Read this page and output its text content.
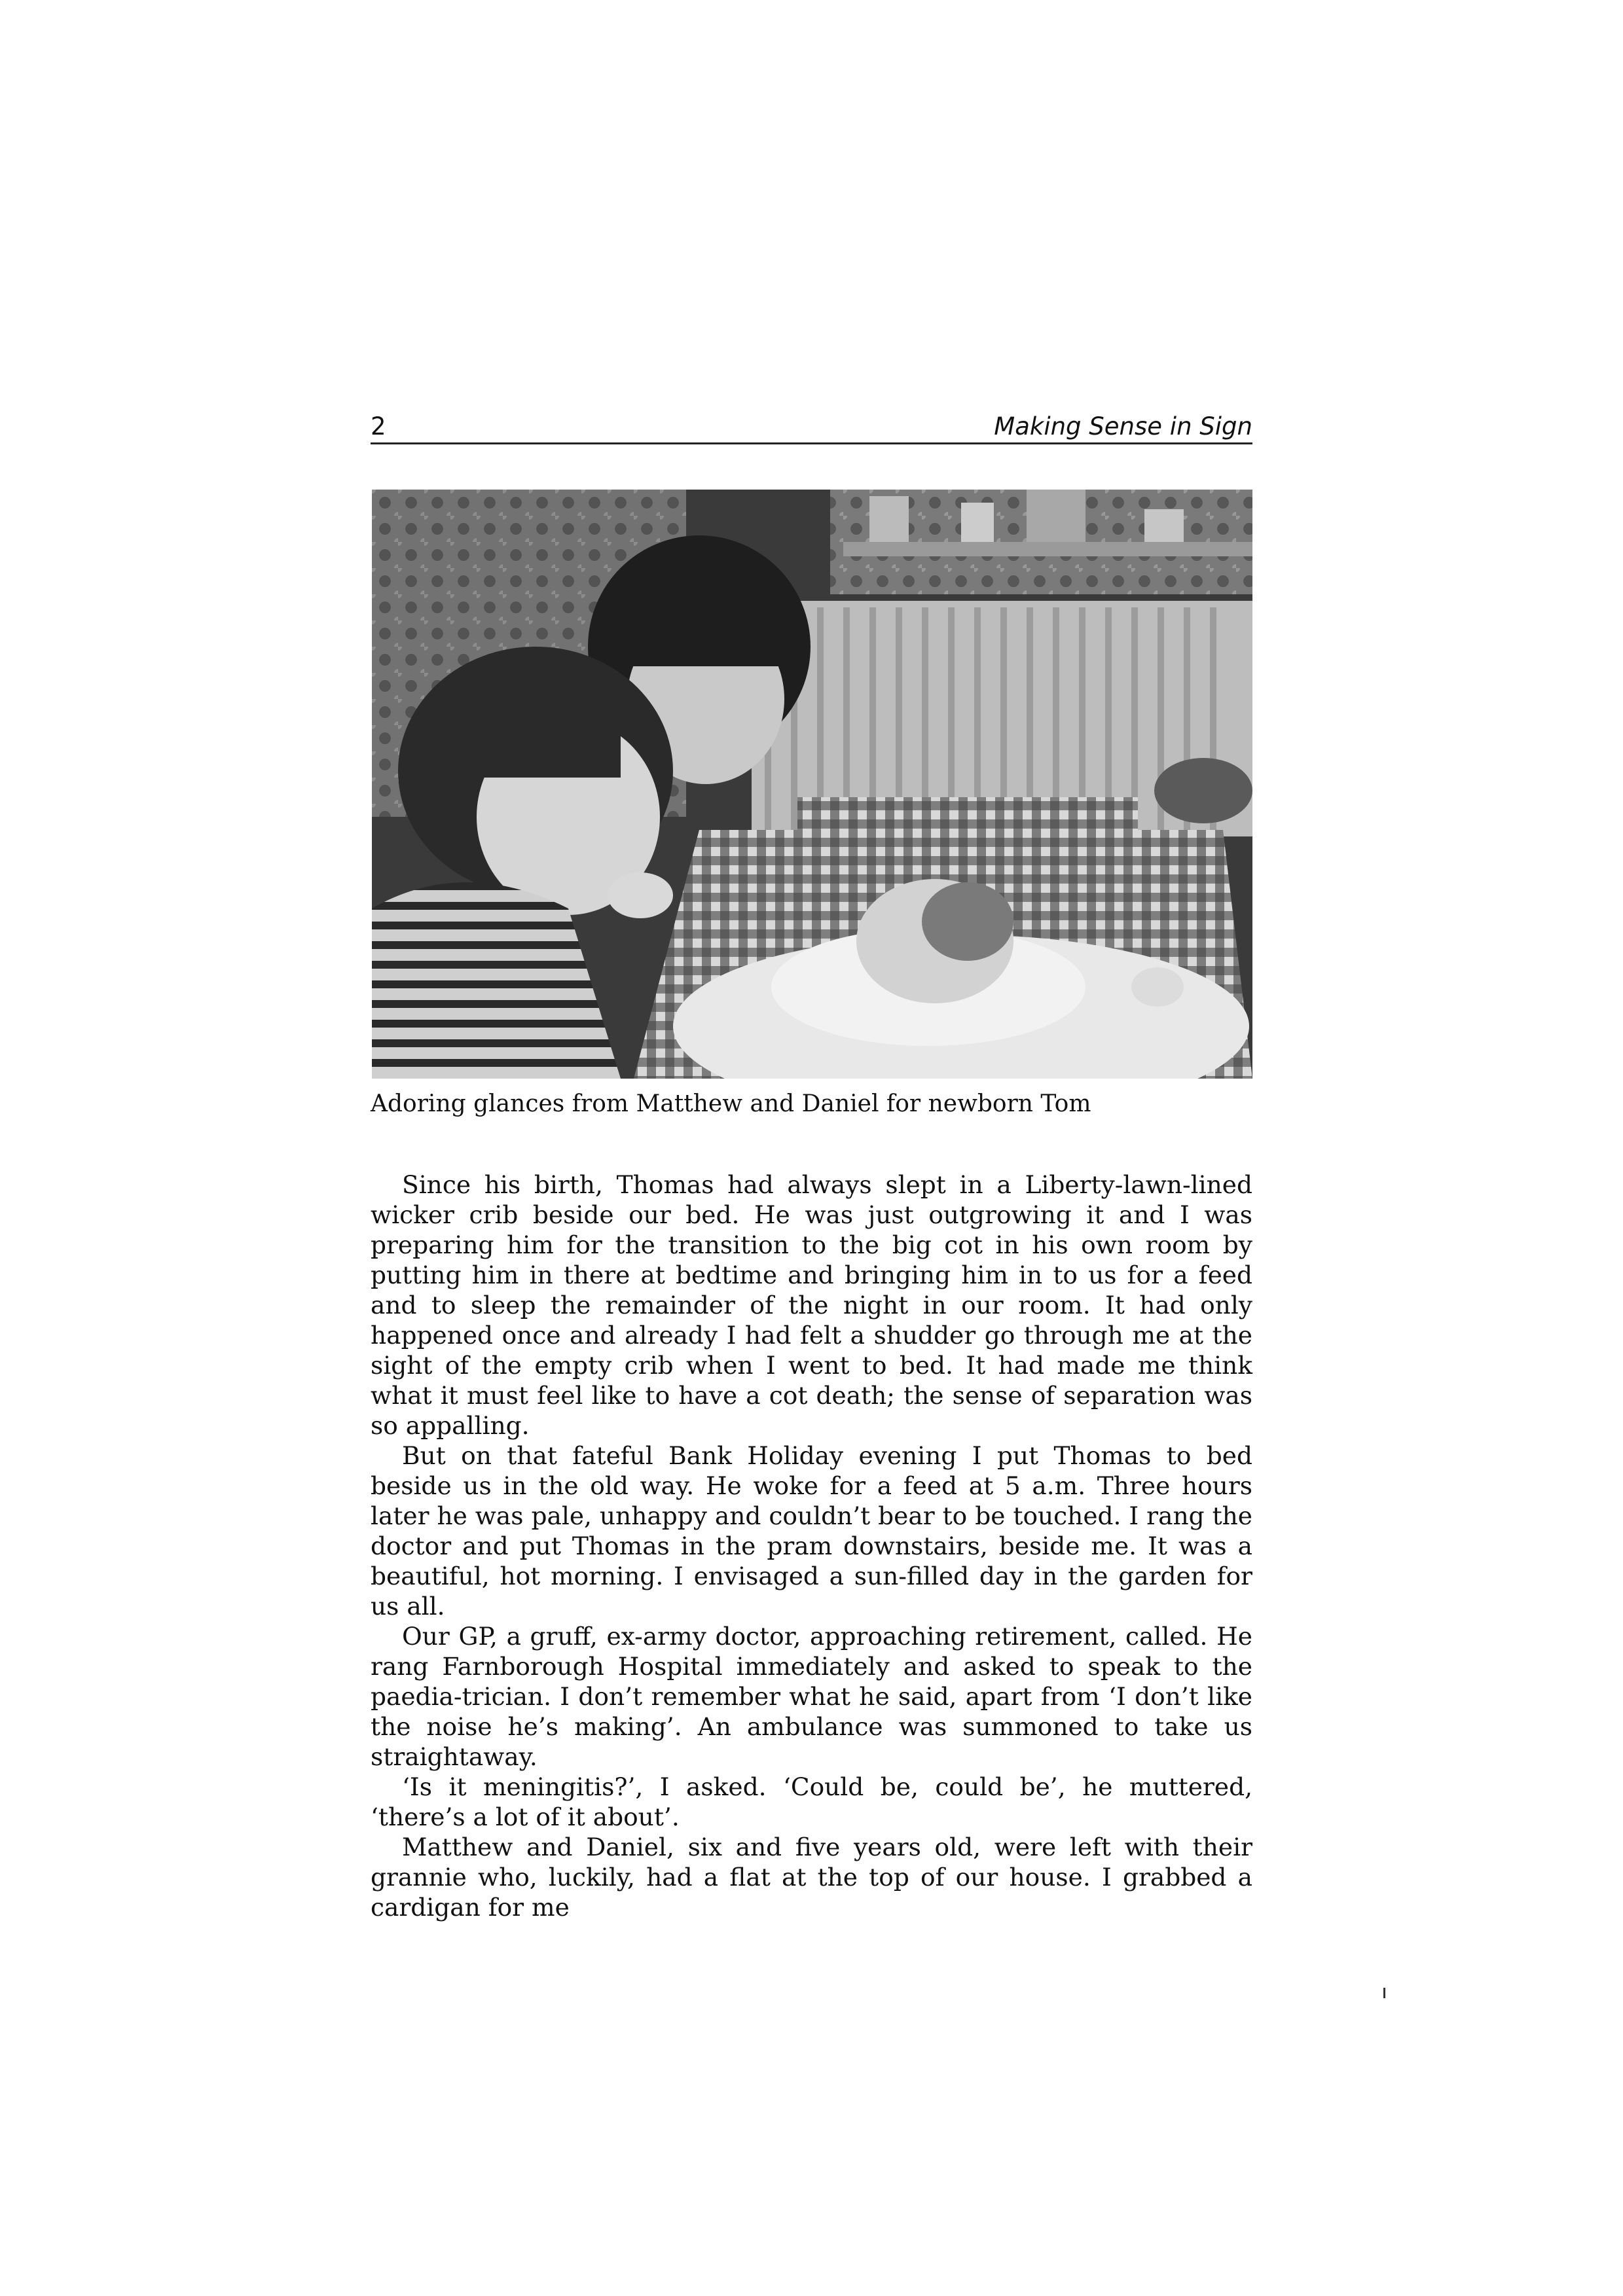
2	Making Sense in Sign
Adoring glances from Matthew and Daniel for newborn Tom

Since his birth, Thomas had always slept in a Liberty-lawn-lined wicker crib beside our bed. He was just outgrowing it and I was preparing him for the transition to the big cot in his own room by putting him in there at bedtime and bringing him in to us for a feed and to sleep the remainder of the night in our room. It had only happened once and already I had felt a shudder go through me at the sight of the empty crib when I went to bed. It had made me think what it must feel like to have a cot death; the sense of separation was so appalling.

But on that fateful Bank Holiday evening I put Thomas to bed beside us in the old way. He woke for a feed at 5 a.m. Three hours later he was pale, unhappy and couldn’t bear to be touched. I rang the doctor and put Thomas in the pram downstairs, beside me. It was a beautiful, hot morning. I envisaged a sun-filled day in the garden for us all.

Our GP, a gruff, ex-army doctor, approaching retirement, called. He rang Farnborough Hospital immediately and asked to speak to the paedia-trician. I don’t remember what he said, apart from ‘I don’t like the noise he’s making’. An ambulance was summoned to take us straightaway.

‘Is it meningitis?’, I asked. ‘Could be, could be’, he muttered, ‘there’s a lot of it about’.

Matthew and Daniel, six and five years old, were left with their grannie who, luckily, had a flat at the top of our house. I grabbed a cardigan for me
